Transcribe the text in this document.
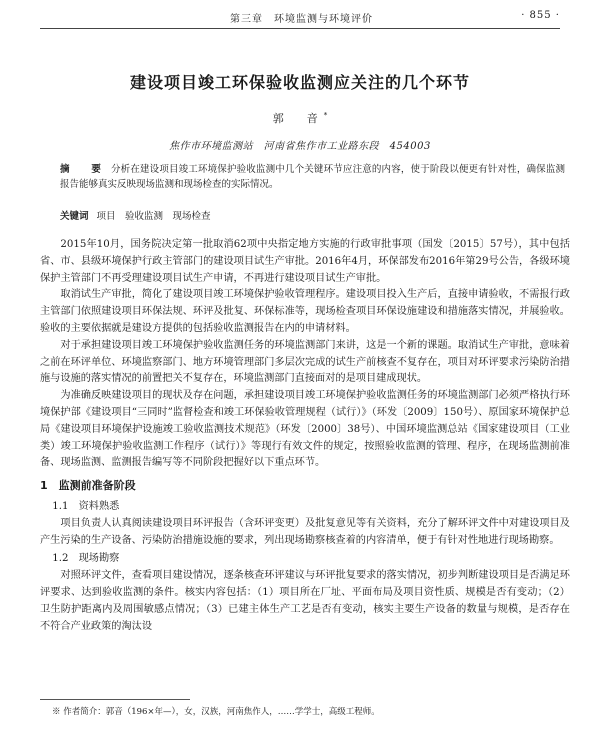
第三章　环境监测与环境评价	· 855 ·
建设项目竣工环保验收监测应关注的几个环节
郭　音*
焦作市环境监测站　河南省焦作市工业路东段　454003
摘　要 分析在建设项目竣工环境保护验收监测中几个关键环节应注意的内容，使于阶段以便更有针对性，确保监测报告能够真实反映现场监测和现场检查的实际情况。
关键词 项目　验收监测　现场检查

2015年10月，国务院决定第一批取消62项中央指定地方实施的行政审批事项（国发〔2015〕57号），其中包括省、市、县级环境保护行政主管部门的建设项目试生产审批。2016年4月，环保部发布2016年第29号公告，各级环境保护主管部门不再受理建设项目试生产申请，不再进行建设项目试生产审批。

取消试生产审批，简化了建设项目竣工环境保护验收管理程序。建设项目投入生产后，直接申请验收，不需报行政主管部门依照建设项目环保法规、环评及批复、环保标准等，现场检查项目环保设施建设和措施落实情况，并展验收。验收的主要依据就是建设方提供的包括验收监测报告在内的申请材料。

对于承担建设项目竣工环境保护验收监测任务的环境监测部门来讲，这是一个新的课题。取消试生产审批，意味着之前在环评单位、环境监察部门、地方环境管理部门多层次完成的试生产前核查不复存在，项目对环评要求污染防治措施与设施的落实情况的前置把关不复存在，环境监测部门直接面对的是项目建成现状。

为准确反映建设项目的现状及存在问题，承担建设项目竣工环境保护验收监测任务的环境监测部门必须严格执行环境保护部《建设项目“三同时”监督检查和竣工环保验收管理规程（试行）》（环发〔2009〕150号）、原国家环境保护总局《建设项目环境保护设施竣工验收监测技术规范》（环发〔2000〕38号）、中国环境监测总站《国家建设项目（工业类）竣工环境保护验收监测工作程序（试行）》等现行有效文件的规定，按照验收监测的管理、程序，在现场监测前准备、现场监测、监测报告编写等不同阶段把握好以下重点环节。

1　监测前准备阶段
1.1　资料熟悉

项目负责人认真阅读建设项目环评报告（含环评变更）及批复意见等有关资料，充分了解环评文件中对建设项目及产生污染的生产设备、污染防治措施设施的要求，列出现场勘察核查着的内容清单，便于有针对性地进行现场勘察。

1.2　现场勘察

对照环评文件，查看项目建设情况，逐条核查环评建议与环评批复要求的落实情况，初步判断建设项目是否满足环评要求、达到验收监测的条件。核实内容包括：（1）项目所在厂址、平面布局及项目资性质、规模是否有变动；（2）卫生防护距离内及周围敏感点情况；（3）已建主体生产工艺是否有变动，核实主要生产设备的数量与规模，是否存在不符合产业政策的淘汰设

※ 作者简介：郭音（196×年—），女，汉族，河南焦作人，……学学士，高级工程师。
